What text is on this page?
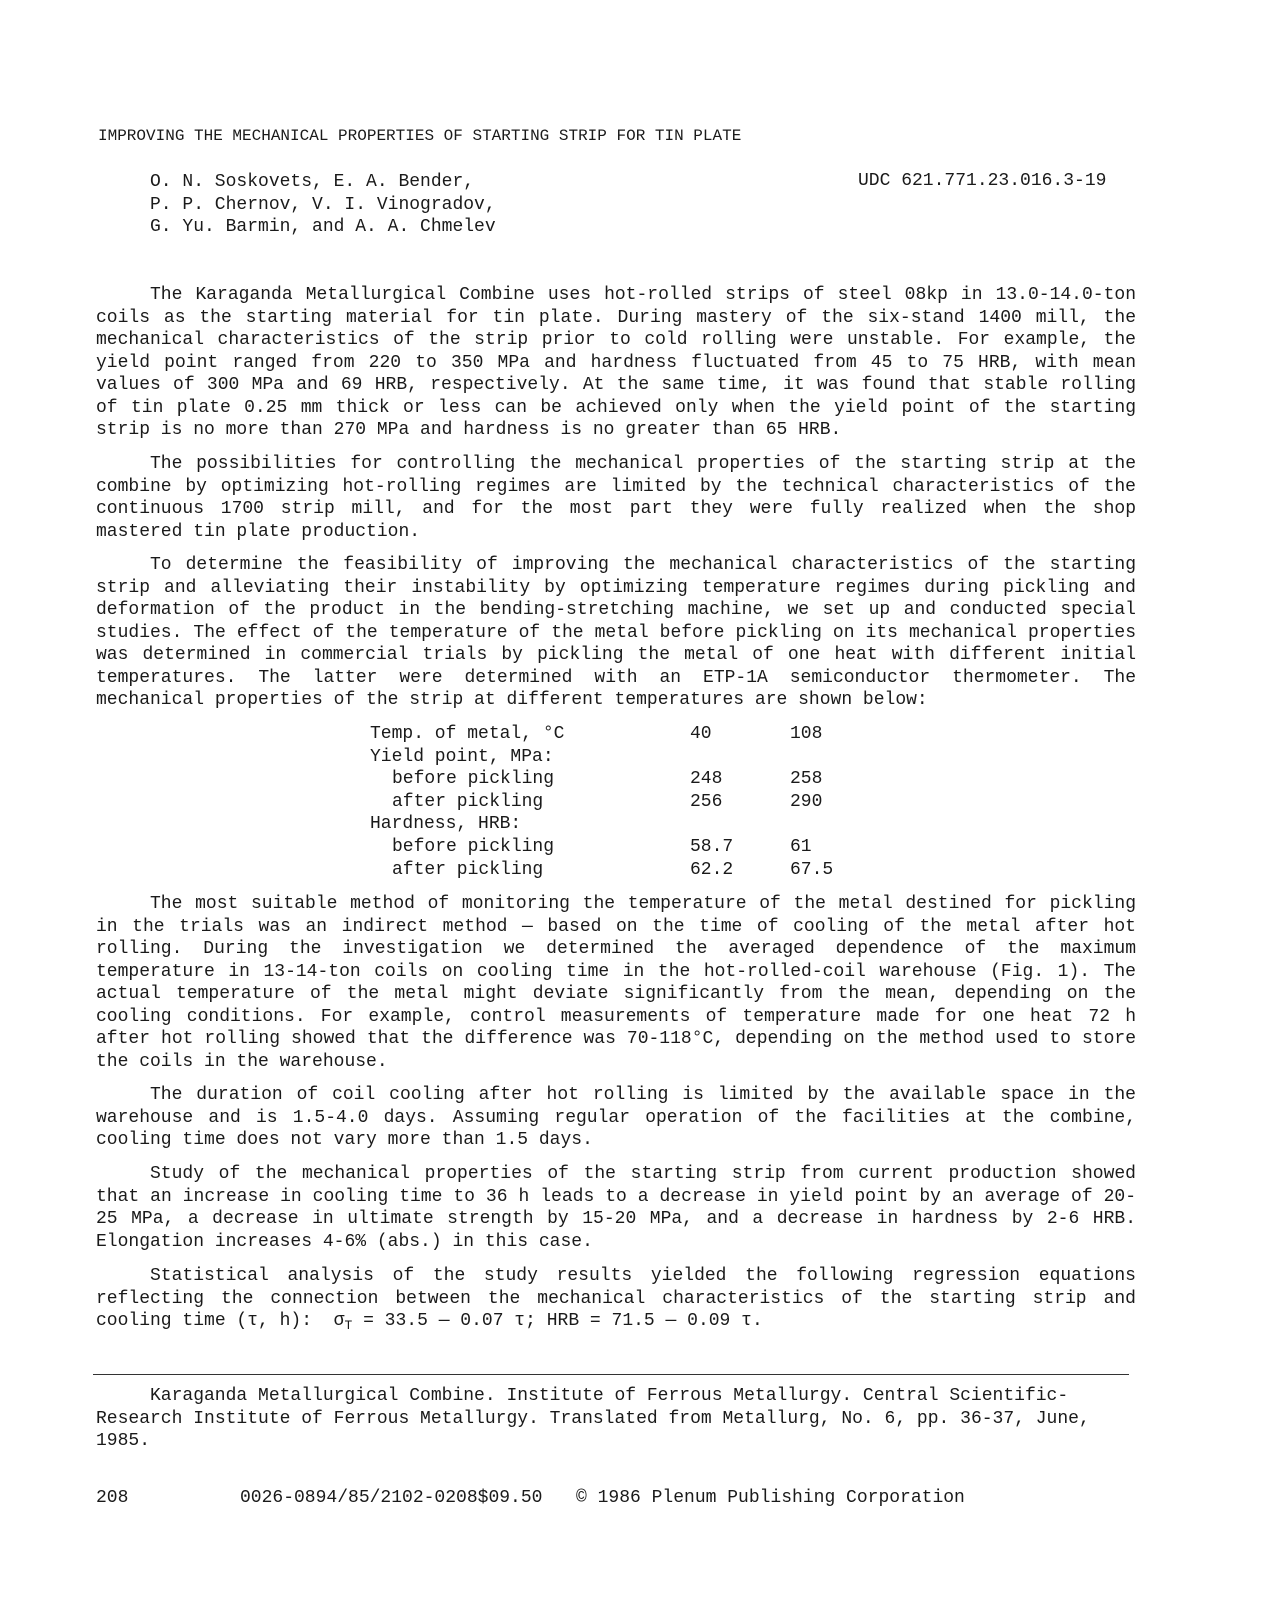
IMPROVING THE MECHANICAL PROPERTIES OF STARTING STRIP FOR TIN PLATE
O. N. Soskovets, E. A. Bender,
P. P. Chernov, V. I. Vinogradov,
G. Yu. Barmin, and A. A. Chmelev
UDC 621.771.23.016.3-19

The Karaganda Metallurgical Combine uses hot-rolled strips of steel 08kp in 13.0-14.0-ton coils as the starting material for tin plate. During mastery of the six-stand 1400 mill, the mechanical characteristics of the strip prior to cold rolling were unstable. For example, the yield point ranged from 220 to 350 MPa and hardness fluctuated from 45 to 75 HRB, with mean values of 300 MPa and 69 HRB, respectively. At the same time, it was found that stable rolling of tin plate 0.25 mm thick or less can be achieved only when the yield point of the starting strip is no more than 270 MPa and hardness is no greater than 65 HRB.

The possibilities for controlling the mechanical properties of the starting strip at the combine by optimizing hot-rolling regimes are limited by the technical characteristics of the continuous 1700 strip mill, and for the most part they were fully realized when the shop mastered tin plate production.

To determine the feasibility of improving the mechanical characteristics of the starting strip and alleviating their instability by optimizing temperature regimes during pickling and deformation of the product in the bending-stretching machine, we set up and conducted special studies. The effect of the temperature of the metal before pickling on its mechanical properties was determined in commercial trials by pickling the metal of one heat with different initial temperatures. The latter were determined with an ETP-1A semiconductor thermometer. The mechanical properties of the strip at different temperatures are shown below:

Temp. of metal, °C	40	108
Yield point, MPa:		
before pickling	248	258
after pickling	256	290
Hardness, HRB:		
before pickling	58.7	61
after pickling	62.2	67.5

The most suitable method of monitoring the temperature of the metal destined for pickling in the trials was an indirect method — based on the time of cooling of the metal after hot rolling. During the investigation we determined the averaged dependence of the maximum temperature in 13-14-ton coils on cooling time in the hot-rolled-coil warehouse (Fig. 1). The actual temperature of the metal might deviate significantly from the mean, depending on the cooling conditions. For example, control measurements of temperature made for one heat 72 h after hot rolling showed that the difference was 70-118°C, depending on the method used to store the coils in the warehouse.

The duration of coil cooling after hot rolling is limited by the available space in the warehouse and is 1.5-4.0 days. Assuming regular operation of the facilities at the combine, cooling time does not vary more than 1.5 days.

Study of the mechanical properties of the starting strip from current production showed that an increase in cooling time to 36 h leads to a decrease in yield point by an average of 20-25 MPa, a decrease in ultimate strength by 15-20 MPa, and a decrease in hardness by 2-6 HRB. Elongation increases 4-6% (abs.) in this case.

Statistical analysis of the study results yielded the following regression equations reflecting the connection between the mechanical characteristics of the starting strip and cooling time (τ, h): $\sigma_T = 33.5$ — 0.07 τ; HRB = 71.5 — 0.09 τ.

Karaganda Metallurgical Combine. Institute of Ferrous Metallurgy. Central Scientific-Research Institute of Ferrous Metallurgy. Translated from Metallurg, No. 6, pp. 36-37, June, 1985.

208	0026-0894/85/2102-0208$09.50 © 1986 Plenum Publishing Corporation
